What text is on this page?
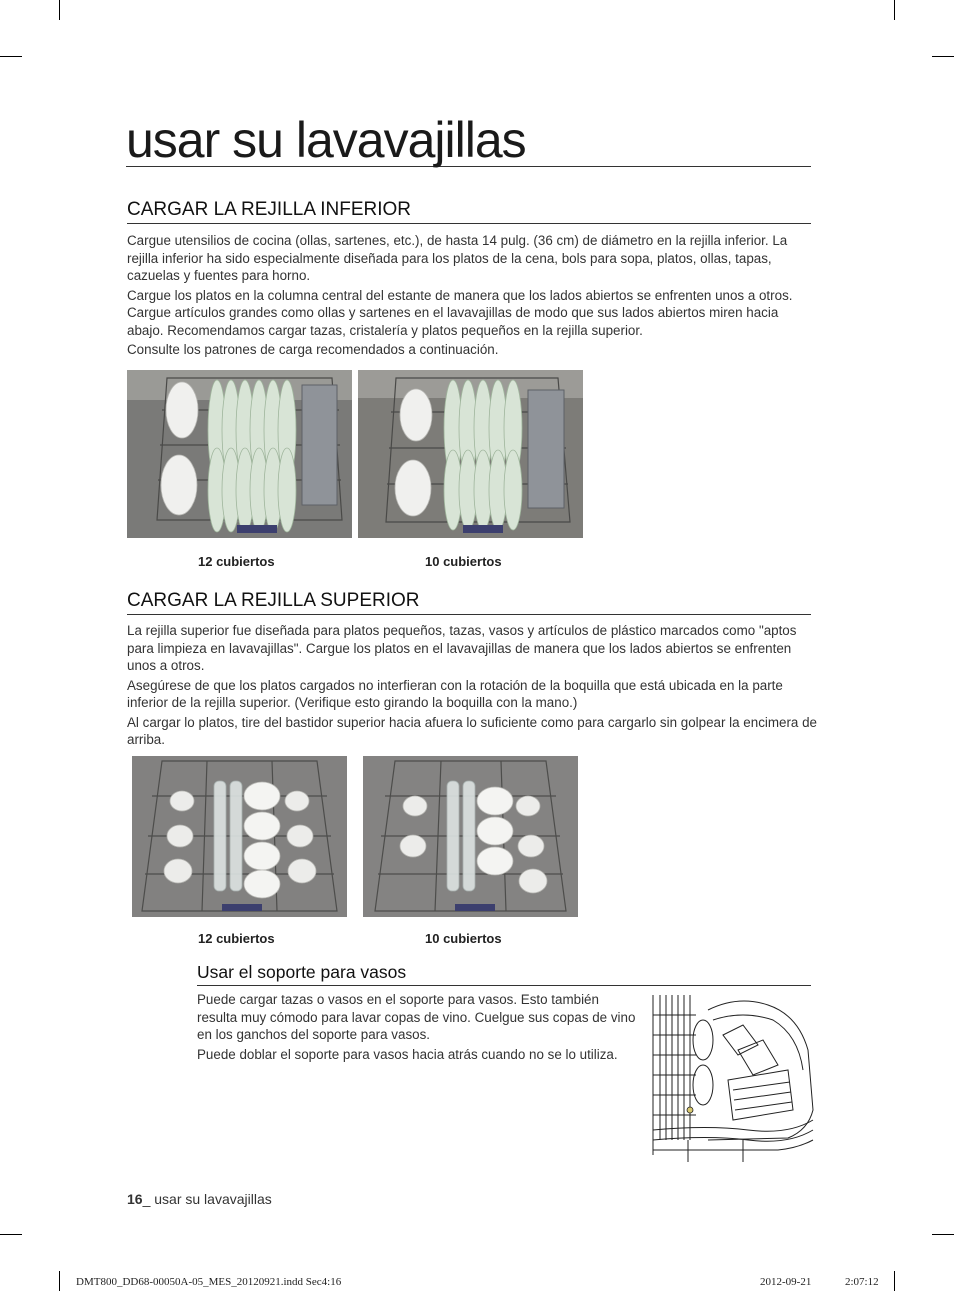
usar su lavavajillas
CARGAR LA REJILLA INFERIOR

Cargue utensilios de cocina (ollas, sartenes, etc.), de hasta 14 pulg. (36 cm) de diámetro en la rejilla inferior. La rejilla inferior ha sido especialmente diseñada para los platos de la cena, bols para sopa, platos, ollas, tapas, cazuelas y fuentes para horno.

Cargue los platos en la columna central del estante de manera que los lados abiertos se enfrenten unos a otros. Cargue artículos grandes como ollas y sartenes en el lavavajillas de modo que sus lados abiertos miren hacia abajo. Recomendamos cargar tazas, cristalería y platos pequeños en la rejilla superior.

Consulte los patrones de carga recomendados a continuación.

12 cubiertos	10 cubiertos
CARGAR LA REJILLA SUPERIOR

La rejilla superior fue diseñada para platos pequeños, tazas, vasos y artículos de plástico marcados como "aptos para limpieza en lavavajillas". Cargue los platos en el lavavajillas de manera que los lados abiertos se enfrenten unos a otros.

Asegúrese de que los platos cargados no interfieran con la rotación de la boquilla que está ubicada en la parte inferior de la rejilla superior. (Verifique esto girando la boquilla con la mano.)

Al cargar lo platos, tire del bastidor superior hacia afuera lo suficiente como para cargarlo sin golpear la encimera de arriba.

12 cubiertos	10 cubiertos
Usar el soporte para vasos

Puede cargar tazas o vasos en el soporte para vasos. Esto también resulta muy cómodo para lavar copas de vino. Cuelgue sus copas de vino en los ganchos del soporte para vasos.

Puede doblar el soporte para vasos hacia atrás cuando no se lo utiliza.

16_ usar su lavavajillas
DMT800_DD68-00050A-05_MES_20120921.indd Sec4:16	2012-09-21	2:07:12
